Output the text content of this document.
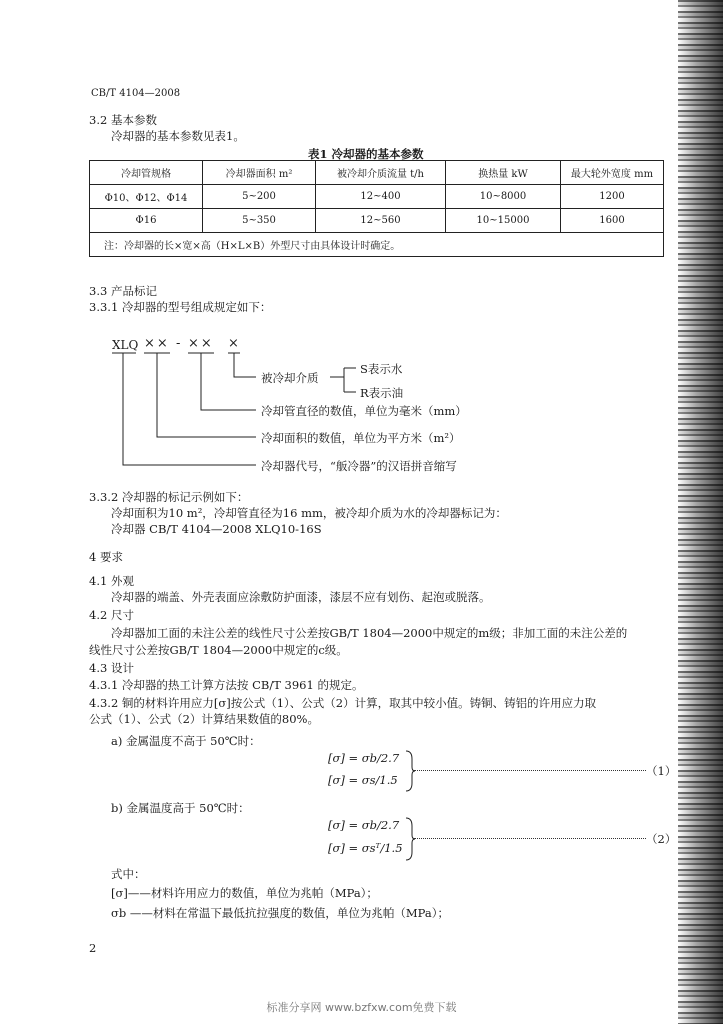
CB/T 4104—2008
3.2 基本参数
冷却器的基本参数见表1。
表1 冷却器的基本参数
冷却管规格	冷却器面积 m²	被冷却介质流量 t/h	换热量 kW	最大轮外宽度 mm
Φ10、Φ12、Φ14	5~200	12~400	10~8000	1200
Φ16	5~350	12~560	10~15000	1600
注：冷却器的长×宽×高（H×L×B）外型尺寸由具体设计时确定。				
3.3 产品标记
3.3.1 冷却器的型号组成规定如下：
XLQ ×× - ×× ×
被冷却介质
S表示水
R表示油
冷却管直径的数值，单位为毫米（mm）
冷却面积的数值，单位为平方米（m²）
冷却器代号，“舨冷器”的汉语拼音缩写
3.3.2 冷却器的标记示例如下：
冷却面积为10 m²，冷却管直径为16 mm，被冷却介质为水的冷却器标记为：
冷却器 CB/T 4104—2008 XLQ10-16S
4 要求
4.1 外观
冷却器的端盖、外壳表面应涂敷防护面漆，漆层不应有划伤、起泡或脱落。
4.2 尺寸
冷却器加工面的未注公差的线性尺寸公差按GB/T 1804—2000中规定的m级；非加工面的未注公差的
线性尺寸公差按GB/T 1804—2000中规定的c级。
4.3 设计
4.3.1 冷却器的热工计算方法按 CB/T 3961 的规定。
4.3.2 铜的材料许用应力[σ]按公式（1）、公式（2）计算，取其中较小值。铸铜、铸铝的许用应力取
公式（1）、公式（2）计算结果数值的80%。
a) 金属温度不高于 50℃时：
[σ] = σb/2.7
[σ] = σs/1.5
（1）
b) 金属温度高于 50℃时：
[σ] = σb/2.7
[σ] = σsᵀ/1.5
（2）
式中：
[σ]——材料许用应力的数值，单位为兆帕（MPa）；
σb ——材料在常温下最低抗拉强度的数值，单位为兆帕（MPa）；
2
标准分享网 www.bzfxw.com免费下载
